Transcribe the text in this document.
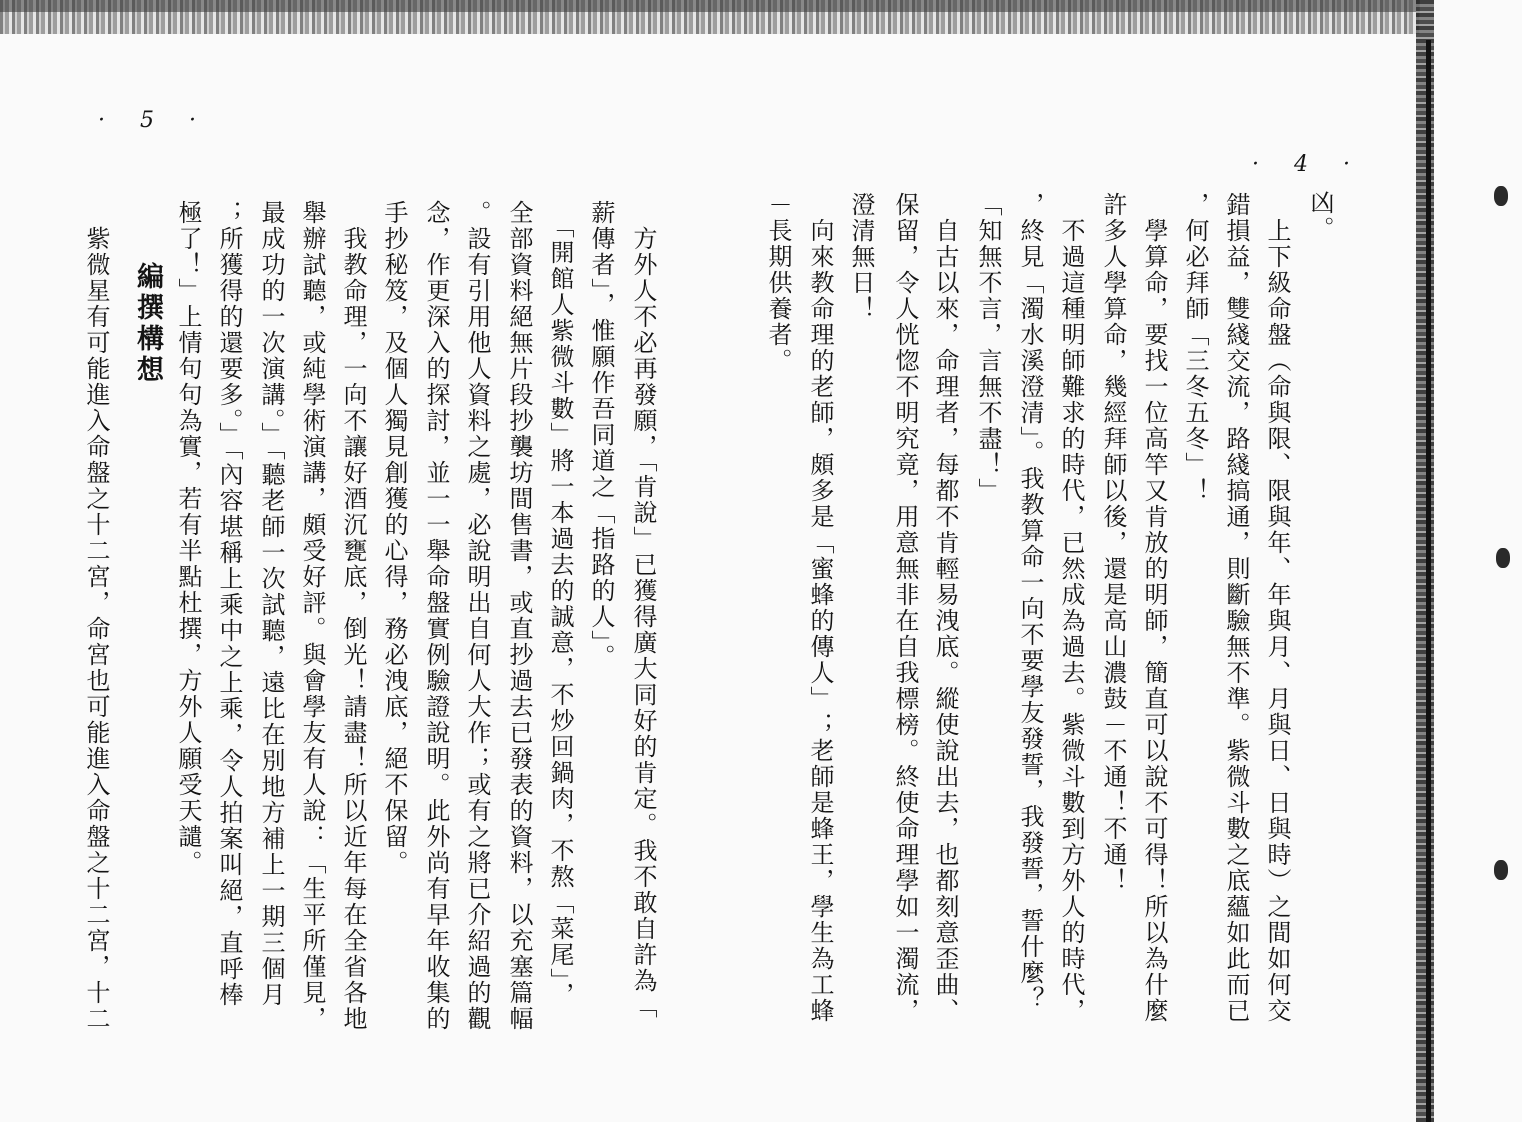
· 5 ·
· 4 ·
凶。
　上下級命盤（命與限、限與年、年與月、月與日、日與時）之間如何交
錯損益，雙綫交流，路綫搞通，則斷驗無不準。紫微斗數之底蘊如此而已
，何必拜師「三冬五冬」！
　學算命，要找一位高竿又肯放的明師，簡直可以說不可得！所以為什麼
許多人學算命，幾經拜師以後，還是高山濃鼓－不通！不通！
　不過這種明師難求的時代，已然成為過去。紫微斗數到方外人的時代，
，終見「濁水溪澄清」。我教算命一向不要學友發誓，我發誓，誓什麼？
「知無不言，言無不盡！」
　自古以來，命理者，每都不肯輕易洩底。縱使說出去，也都刻意歪曲、
保留，令人恍惚不明究竟，用意無非在自我標榜。終使命理學如一濁流，
澄清無日！
　向來教命理的老師，頗多是「蜜蜂的傳人」；老師是蜂王，學生為工蜂
－長期供養者。
　方外人不必再發願，「肯說」已獲得廣大同好的肯定。我不敢自許為「
薪傳者」，惟願作吾同道之「指路的人」。
　「開館人紫微斗數」將一本過去的誠意，不炒回鍋肉，不熬「菜尾」，
全部資料絕無片段抄襲坊間售書，或直抄過去已發表的資料，以充塞篇幅
。設有引用他人資料之處，必說明出自何人大作；或有之將已介紹過的觀
念，作更深入的探討，並一一舉命盤實例驗證說明。此外尚有早年收集的
手抄秘笈，及個人獨見創獲的心得，務必洩底，絕不保留。
　我教命理，一向不讓好酒沉甕底，倒光！請盡！所以近年每在全省各地
舉辦試聽，或純學術演講，頗受好評。與會學友有人說：「生平所僅見，
最成功的一次演講。」「聽老師一次試聽，遠比在別地方補上一期三個月
；所獲得的還要多。」「內容堪稱上乘中之上乘，令人拍案叫絕，直呼棒
極了！」上情句句為實，若有半點杜撰，方外人願受天譴。
　　編撰構想
　紫微星有可能進入命盤之十二宮，命宮也可能進入命盤之十二宮，十二
